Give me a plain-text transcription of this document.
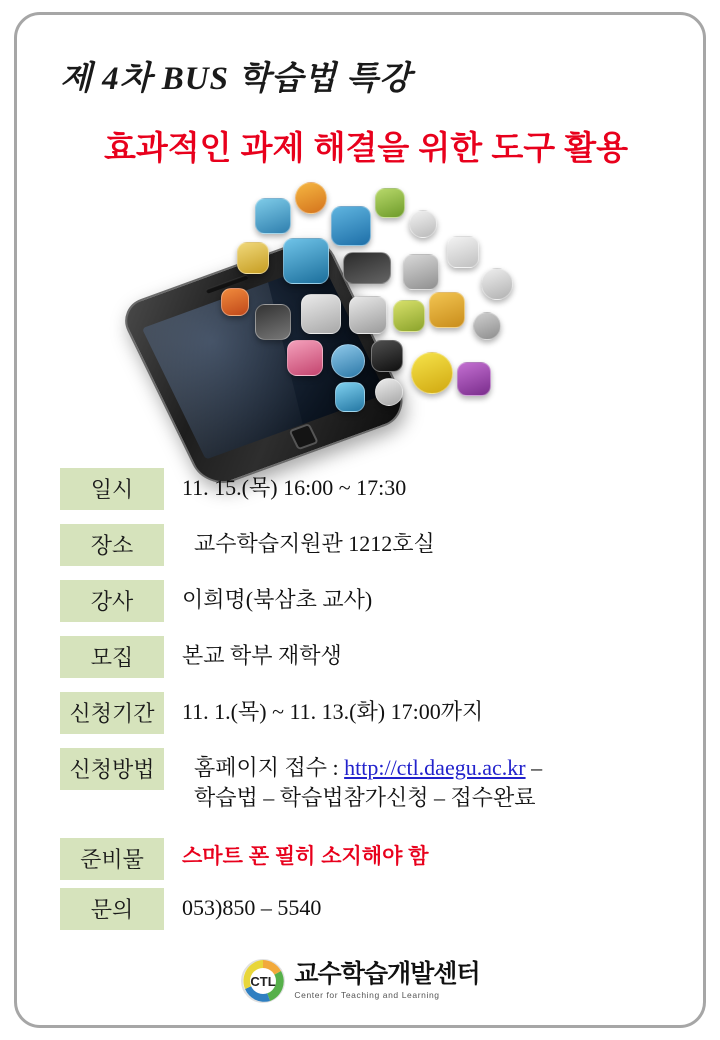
제 4차 BUS 학습법 특강
효과적인 과제 해결을 위한 도구 활용
일시	11. 15.(목) 16:00 ~ 17:30
장소	교수학습지원관 1212호실
강사	이희명(북삼초 교사)
모집	본교 학부 재학생
신청기간	11. 1.(목) ~ 11. 13.(화) 17:00까지
신청방법	홈페이지 접수 : http://ctl.daegu.ac.kr –
학습법 – 학습법참가신청 – 접수완료
준비물	스마트 폰 필히 소지해야 함
문의	053)850 – 5540
CTL 교수학습개발센터
Center for Teaching and Learning
